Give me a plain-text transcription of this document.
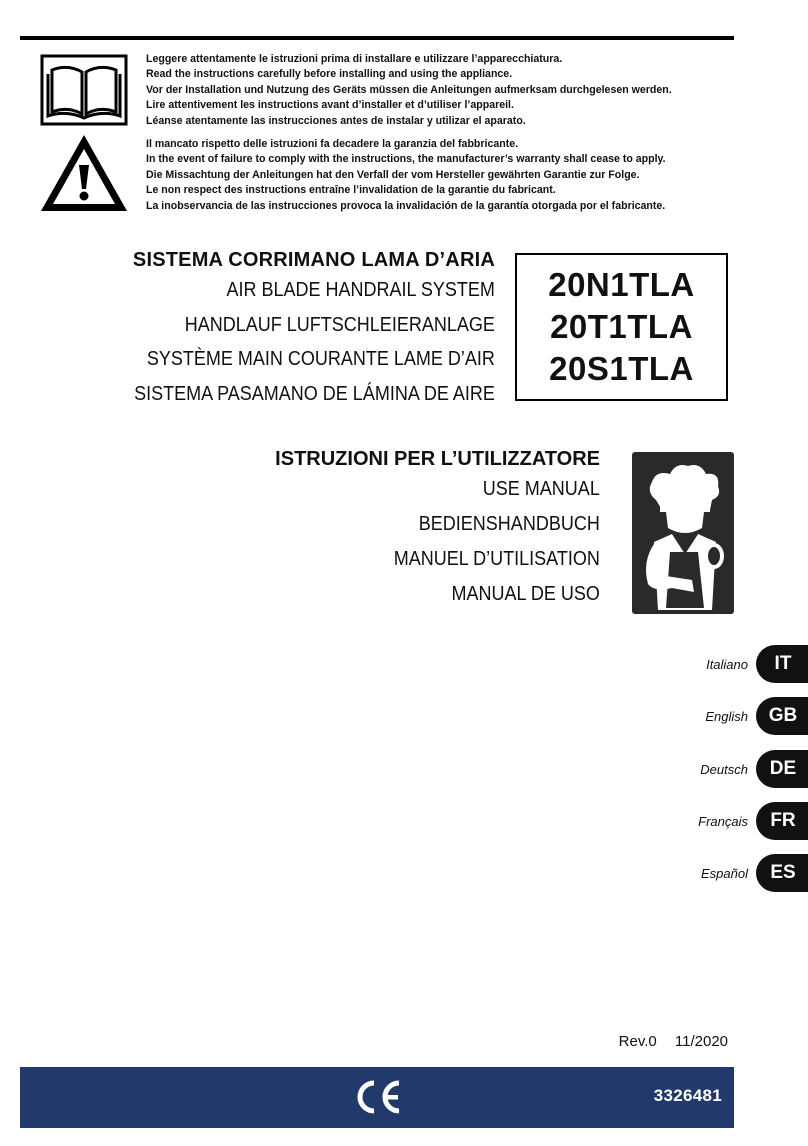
Leggere attentamente le istruzioni prima di installare e utilizzare l’apparecchiatura.
Read the instructions carefully before installing and using the appliance.
Vor der Installation und Nutzung des Geräts müssen die Anleitungen aufmerksam durchgelesen werden.
Lire attentivement les instructions avant d’installer et d’utiliser l’appareil.
Léanse atentamente las instrucciones antes de instalar y utilizar el aparato.
Il mancato rispetto delle istruzioni fa decadere la garanzia del fabbricante.
In the event of failure to comply with the instructions, the manufacturer’s warranty shall cease to apply.
Die Missachtung der Anleitungen hat den Verfall der vom Hersteller gewährten Garantie zur Folge.
Le non respect des instructions entraîne l’invalidation de la garantie du fabricant.
La inobservancia de las instrucciones provoca la invalidación de la garantía otorgada por el fabricante.
SISTEMA CORRIMANO LAMA D’ARIA
AIR BLADE HANDRAIL SYSTEM
HANDLAUF LUFTSCHLEIERANLAGE
SYSTÈME MAIN COURANTE LAME D’AIR
SISTEMA PASAMANO DE LÁMINA DE AIRE
20N1TLA
20T1TLA
20S1TLA
ISTRUZIONI PER L’UTILIZZATORE
USE MANUAL
BEDIENSHANDBUCH
MANUEL D’UTILISATION
MANUAL DE USO
Italiano	IT
English	GB
Deutsch	DE
Français	FR
Español	ES
Rev.0 11/2020
3326481
